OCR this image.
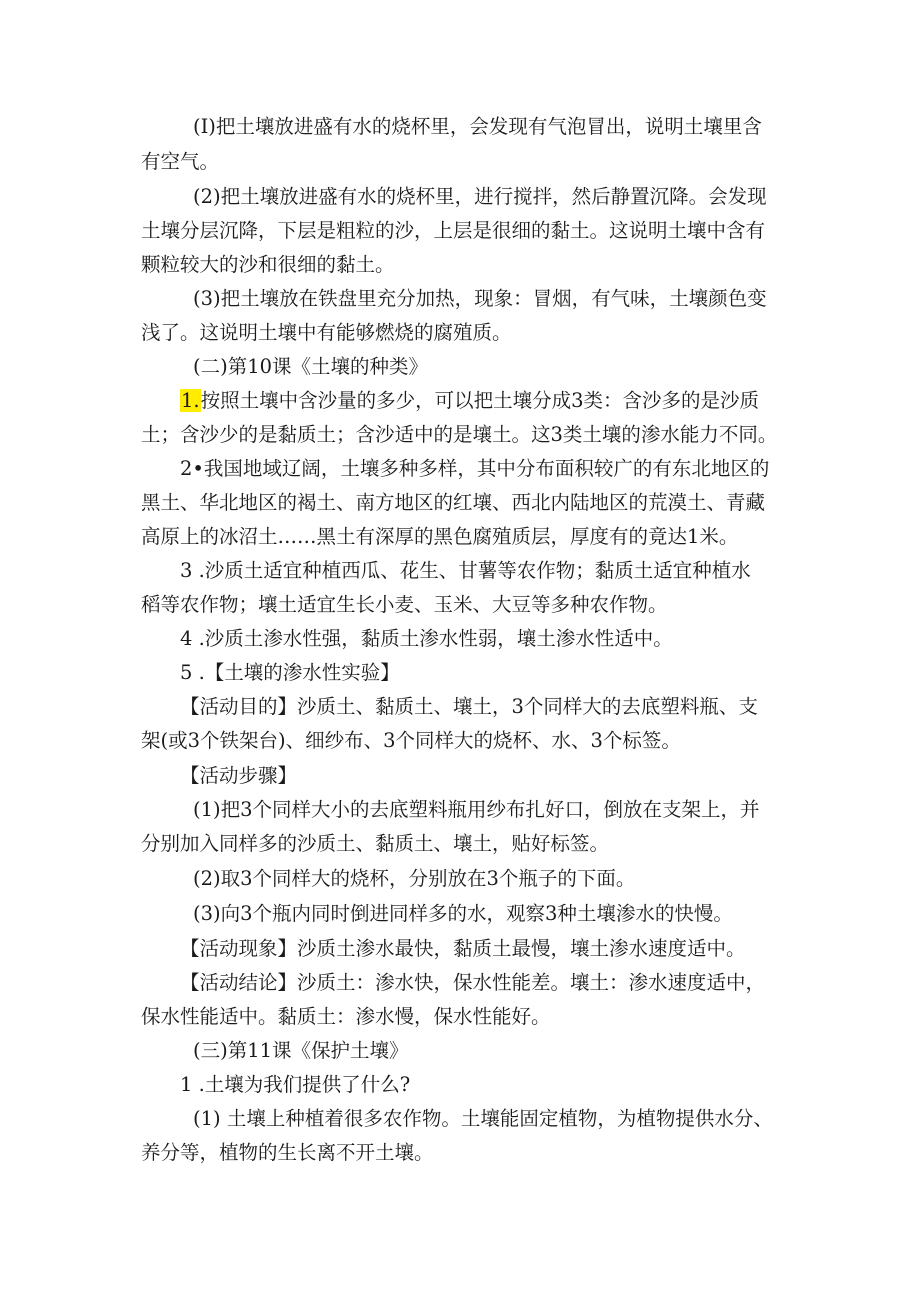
(I)把土壤放进盛有水的烧杯里，会发现有气泡冒出，说明土壤里含
有空气。
(2)把土壤放进盛有水的烧杯里，进行搅拌，然后静置沉降。会发现
土壤分层沉降，下层是粗粒的沙，上层是很细的黏土。这说明土壤中含有
颗粒较大的沙和很细的黏土。
(3)把土壤放在铁盘里充分加热，现象：冒烟，有气味，土壤颜色变
浅了。这说明土壤中有能够燃烧的腐殖质。
(二)第10课《土壤的种类》
1.按照土壤中含沙量的多少，可以把土壤分成3类：含沙多的是沙质
土；含沙少的是黏质土；含沙适中的是壤土。这3类土壤的渗水能力不同。
2•我国地域辽阔，土壤多种多样，其中分布面积较广的有东北地区的
黑土、华北地区的褐土、南方地区的红壤、西北内陆地区的荒漠土、青藏
高原上的冰沼土……黑土有深厚的黑色腐殖质层，厚度有的竟达1米。
3 .沙质土适宜种植西瓜、花生、甘薯等农作物；黏质土适宜种植水
稻等农作物；壤土适宜生长小麦、玉米、大豆等多种农作物。
4 .沙质土渗水性强，黏质土渗水性弱，壤土渗水性适中。
5 .【土壤的渗水性实验】
【活动目的】沙质土、黏质土、壤土，3个同样大的去底塑料瓶、支
架(或3个铁架台)、细纱布、3个同样大的烧杯、水、3个标签。
【活动步骤】
(1)把3个同样大小的去底塑料瓶用纱布扎好口，倒放在支架上，并
分别加入同样多的沙质土、黏质土、壤土，贴好标签。
(2)取3个同样大的烧杯，分别放在3个瓶子的下面。
(3)向3个瓶内同时倒进同样多的水，观察3种土壤渗水的快慢。
【活动现象】沙质土渗水最快，黏质土最慢，壤土渗水速度适中。
【活动结论】沙质土：渗水快，保水性能差。壤土：渗水速度适中，
保水性能适中。黏质土：渗水慢，保水性能好。
(三)第11课《保护土壤》
1 .土壤为我们提供了什么?
(1) 土壤上种植着很多农作物。土壤能固定植物，为植物提供水分、
养分等，植物的生长离不开土壤。
